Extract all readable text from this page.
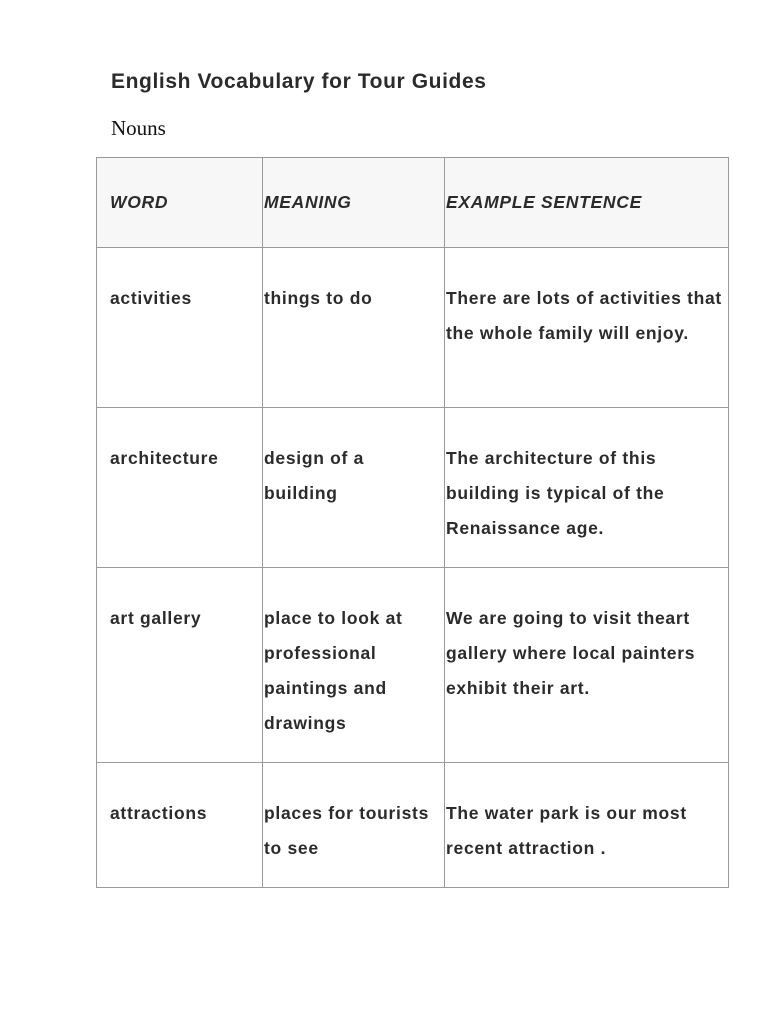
English Vocabulary for Tour Guides
Nouns
WORD	MEANING	EXAMPLE SENTENCE

activities	things to do	There are lots of activities that the whole family will enjoy.

architecture	design of a building	The architecture of this building is typical of the Renaissance age.

art gallery	place to look at professional paintings and drawings	We are going to visit theart gallery where local painters exhibit their art.

attractions	places for tourists to see	The water park is our most recent attraction .
